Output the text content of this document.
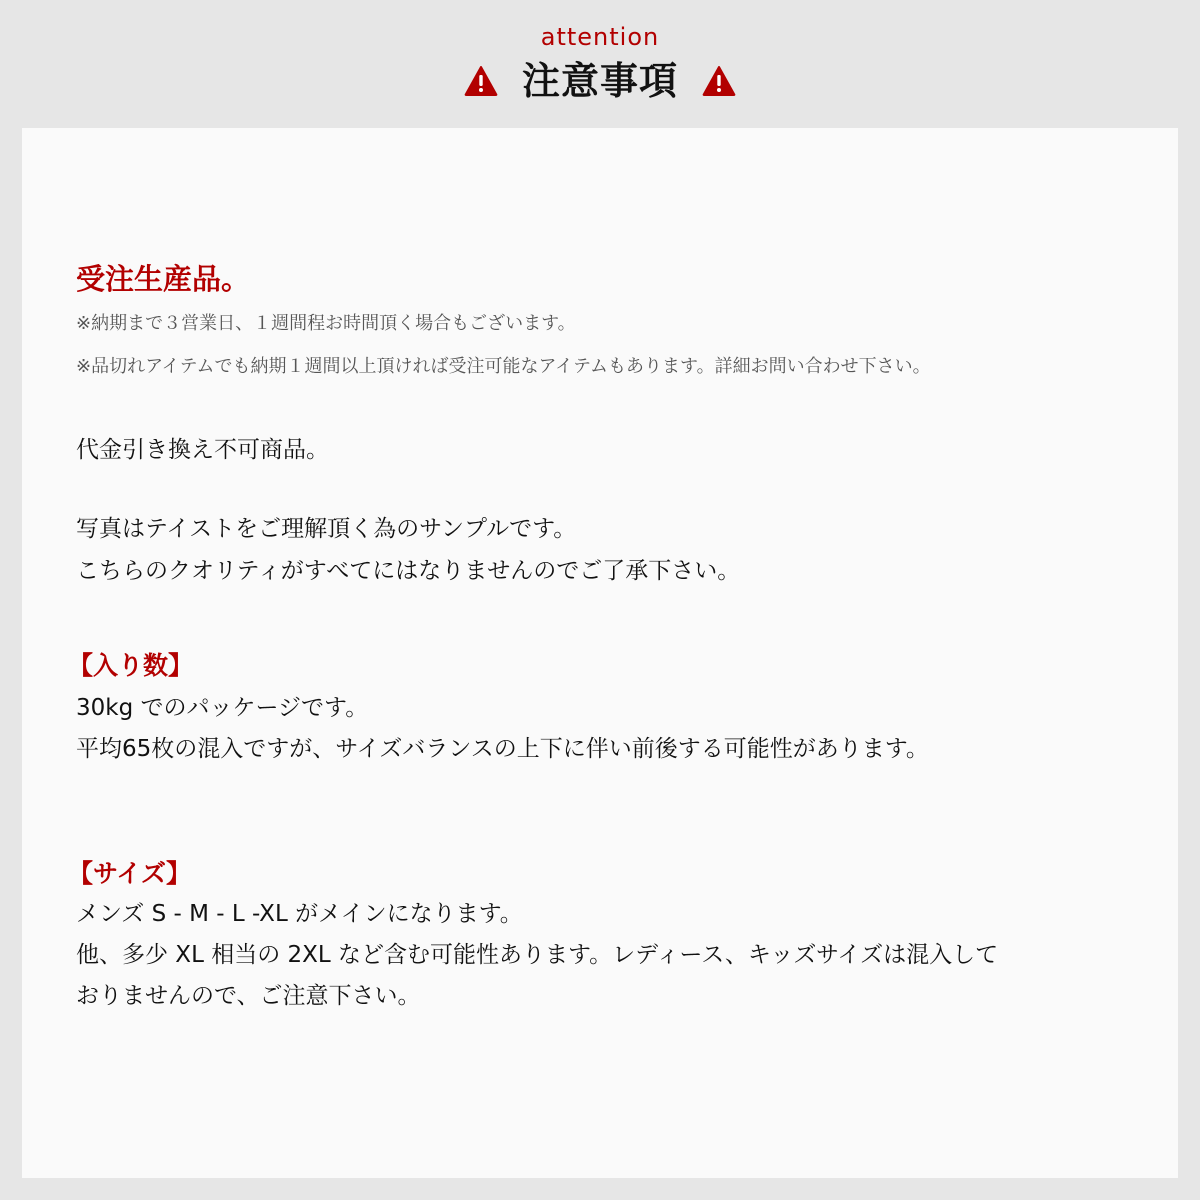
attention
注意事項
受注生産品。
※納期まで３営業日、１週間程お時間頂く場合もございます。
※品切れアイテムでも納期１週間以上頂ければ受注可能なアイテムもあります。詳細お問い合わせ下さい。
代金引き換え不可商品。
写真はテイストをご理解頂く為のサンプルです。
こちらのクオリティがすべてにはなりませんのでご了承下さい。
【入り数】
30kg でのパッケージです。
平均65枚の混入ですが、サイズバランスの上下に伴い前後する可能性があります。
【サイズ】
メンズ S - M - L -XL がメインになります。
他、多少 XL 相当の 2XL など含む可能性あります。レディース、キッズサイズは混入して
おりませんので、ご注意下さい。
